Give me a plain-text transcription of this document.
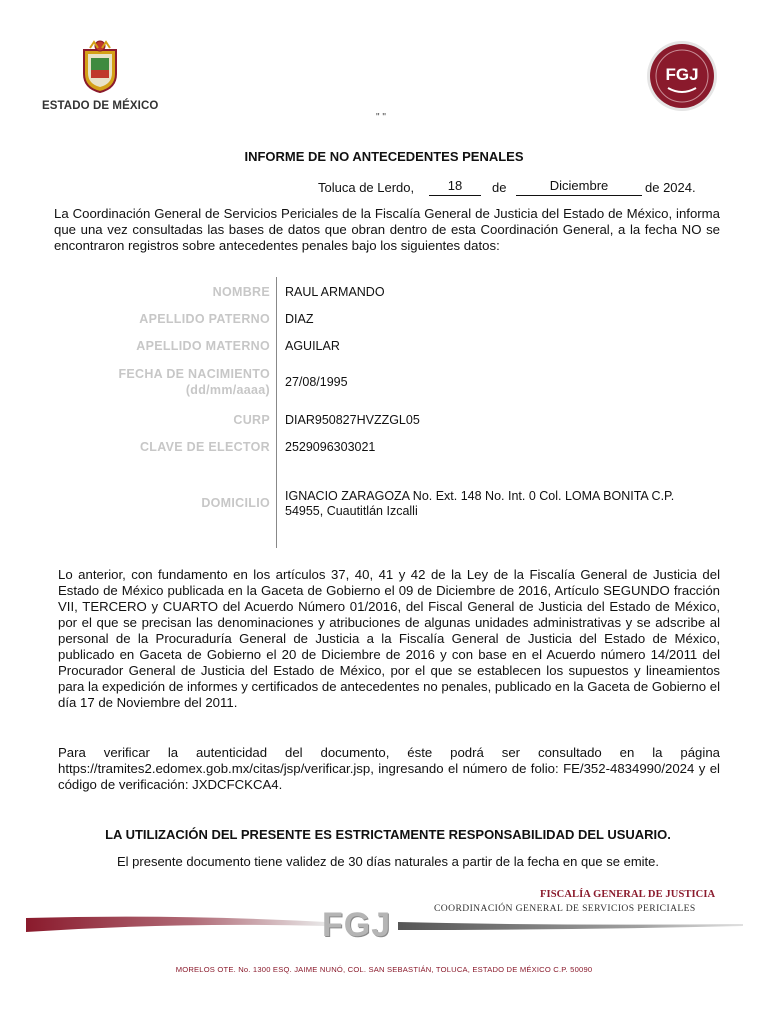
ESTADO DE MÉXICO
FGJ
" "
INFORME DE NO ANTECEDENTES PENALES
Toluca de Lerdo,	18	de	Diciembre	de 2024.
La Coordinación General de Servicios Periciales de la Fiscalía General de Justicia del Estado de México, informa que una vez consultadas las bases de datos que obran dentro de esta Coordinación General, a la fecha NO se encontraron registros sobre antecedentes penales bajo los siguientes datos:
NOMBRE RAUL ARMANDO
APELLIDO PATERNO DIAZ
APELLIDO MATERNO AGUILAR
FECHA DE NACIMIENTO
(dd/mm/aaaa)
27/08/1995
CURP DIAR950827HVZZGL05
CLAVE DE ELECTOR 2529096303021
DOMICILIO IGNACIO ZARAGOZA No. Ext. 148 No. Int. 0 Col. LOMA BONITA C.P.
54955, Cuautitlán Izcalli
Lo anterior, con fundamento en los artículos 37, 40, 41 y 42 de la Ley de la Fiscalía General de Justicia del Estado de México publicada en la Gaceta de Gobierno el 09 de Diciembre de 2016, Artículo SEGUNDO fracción VII, TERCERO y CUARTO del Acuerdo Número 01/2016, del Fiscal General de Justicia del Estado de México, por el que se precisan las denominaciones y atribuciones de algunas unidades administrativas y se adscribe al personal de la Procuraduría General de Justicia a la Fiscalía General de Justicia del Estado de México, publicado en Gaceta de Gobierno el 20 de Diciembre de 2016 y con base en el Acuerdo número 14/2011 del Procurador General de Justicia del Estado de México, por el que se establecen los supuestos y lineamientos para la expedición de informes y certificados de antecedentes no penales, publicado en la Gaceta de Gobierno el día 17 de Noviembre del 2011.
Para verificar la autenticidad del documento, éste podrá ser consultado en la página https://tramites2.edomex.gob.mx/citas/jsp/verificar.jsp, ingresando el número de folio: FE/352-4834990/2024 y el código de verificación: JXDCFCKCA4.
LA UTILIZACIÓN DEL PRESENTE ES ESTRICTAMENTE RESPONSABILIDAD DEL USUARIO.
El presente documento tiene validez de 30 días naturales a partir de la fecha en que se emite.
FISCALÍA GENERAL DE JUSTICIA
COORDINACIÓN GENERAL DE SERVICIOS PERICIALES
FGJ
MORELOS OTE. No. 1300 ESQ. JAIME NUNÓ, COL. SAN SEBASTIÁN, TOLUCA, ESTADO DE MÉXICO C.P. 50090
